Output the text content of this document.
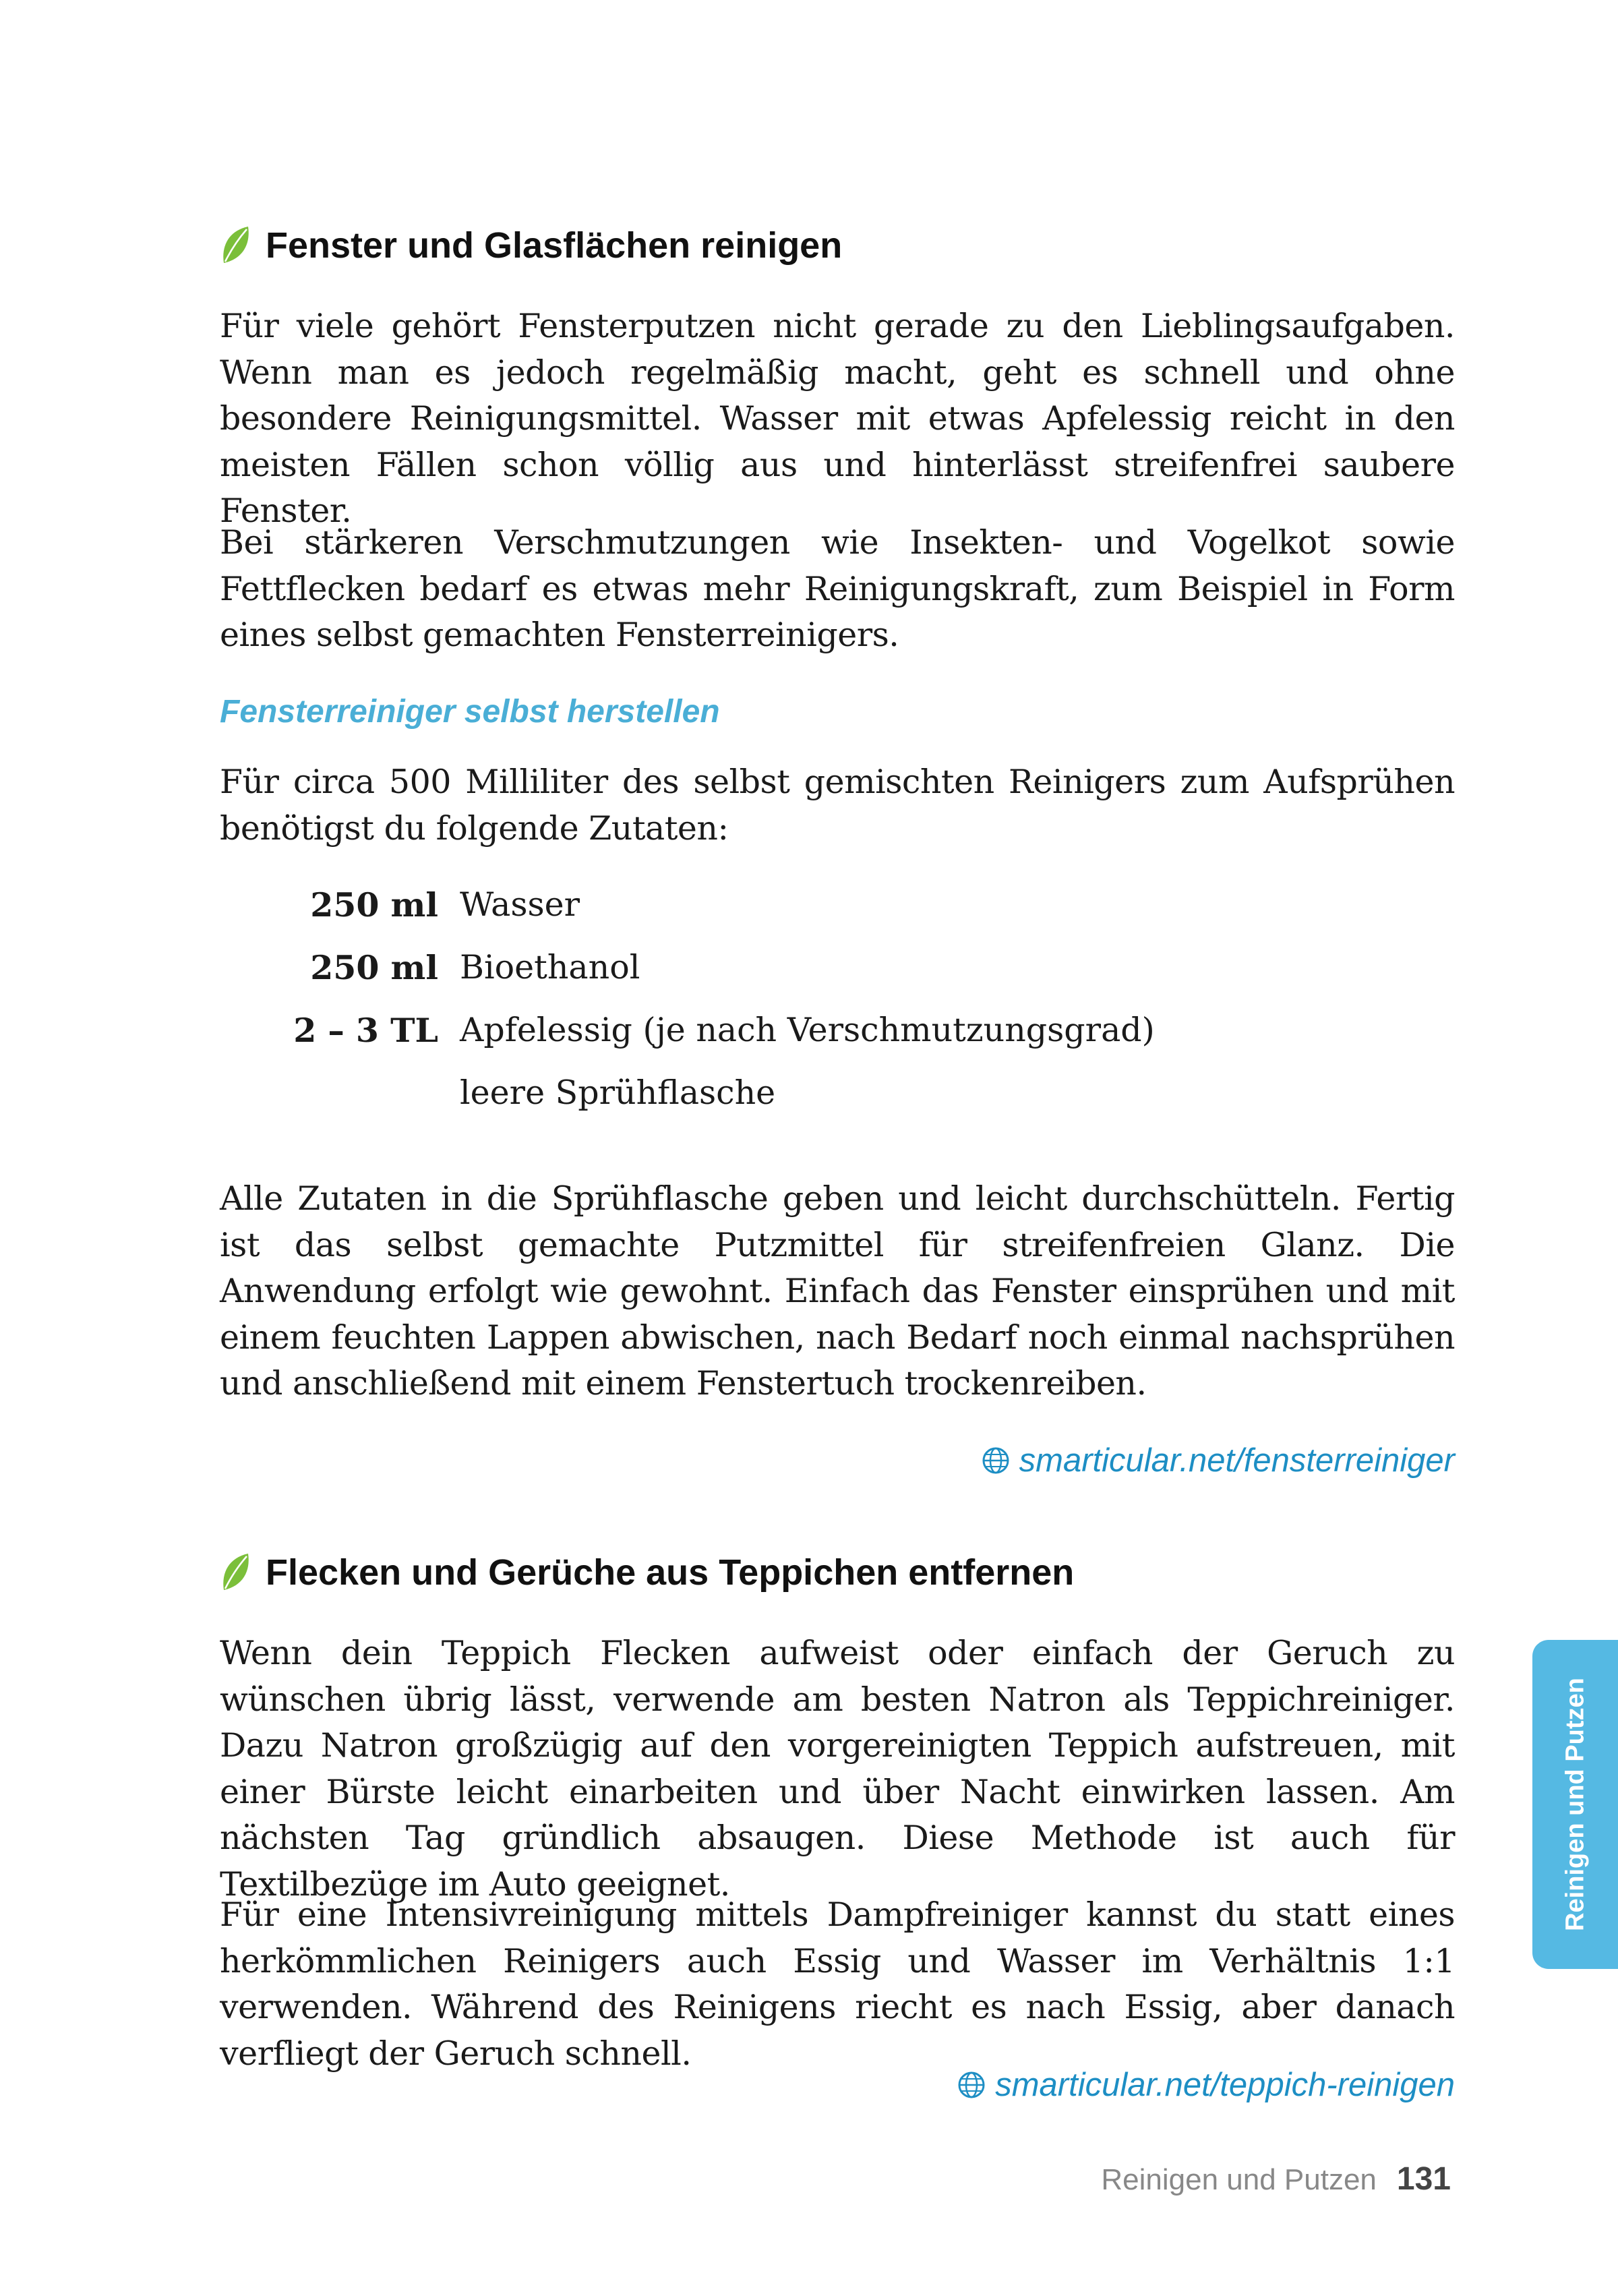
Fenster und Glasflächen reinigen

Für viele gehört Fensterputzen nicht gerade zu den Lieblingsaufgaben. Wenn man es jedoch regelmäßig macht, geht es schnell und ohne besondere Reinigungsmittel. Wasser mit etwas Apfelessig reicht in den meisten Fällen schon völlig aus und hinterlässt streifenfrei saubere Fenster.

Bei stärkeren Verschmutzungen wie Insekten- und Vogelkot sowie Fettflecken bedarf es etwas mehr Reinigungskraft, zum Beispiel in Form eines selbst gemachten Fensterreinigers.

Fensterreiniger selbst herstellen

Für circa 500 Milliliter des selbst gemischten Reinigers zum Aufsprühen benötigst du folgende Zutaten:

250 ml Wasser
250 ml Bioethanol
2 – 3 TL Apfelessig (je nach Verschmutzungsgrad)
leere Sprühflasche

Alle Zutaten in die Sprühflasche geben und leicht durchschütteln. Fertig ist das selbst gemachte Putzmittel für streifenfreien Glanz. Die Anwendung erfolgt wie gewohnt. Einfach das Fenster einsprühen und mit einem feuchten Lappen abwischen, nach Bedarf noch einmal nachsprühen und anschließend mit einem Fenstertuch trockenreiben.

smarticular.net/fensterreiniger
Flecken und Gerüche aus Teppichen entfernen

Wenn dein Teppich Flecken aufweist oder einfach der Geruch zu wünschen übrig lässt, verwende am besten Natron als Teppichreiniger. Dazu Natron großzügig auf den vorgereinigten Teppich aufstreuen, mit einer Bürste leicht einarbeiten und über Nacht einwirken lassen. Am nächsten Tag gründlich absaugen. Diese Methode ist auch für Textilbezüge im Auto geeignet.

Für eine Intensivreinigung mittels Dampfreiniger kannst du statt eines herkömmlichen Reinigers auch Essig und Wasser im Verhältnis 1:1 verwenden. Während des Reinigens riecht es nach Essig, aber danach verfliegt der Geruch schnell.

smarticular.net/teppich-reinigen
Reinigen und Putzen 131
Reinigen und Putzen
